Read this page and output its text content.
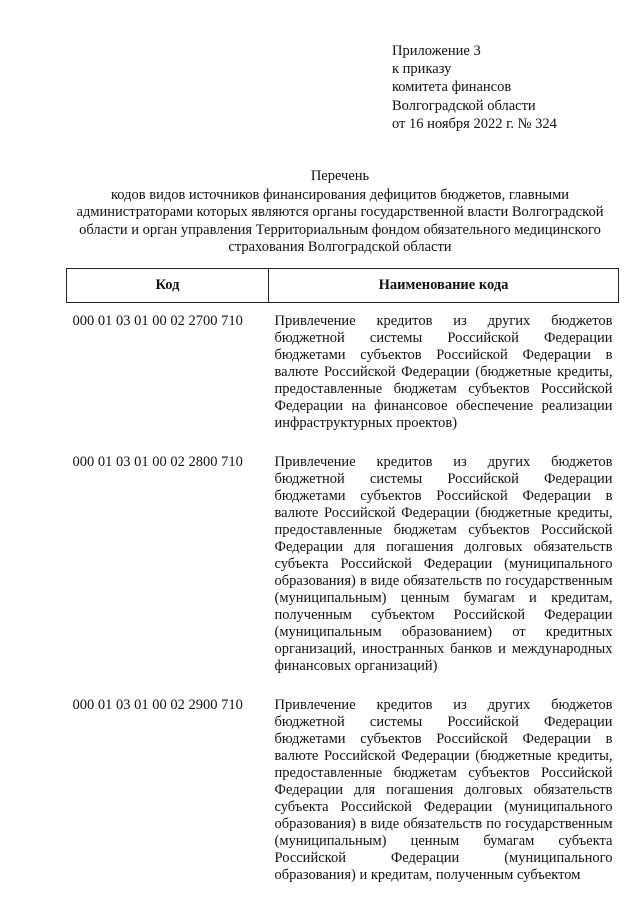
Приложение 3
к приказу
комитета финансов
Волгоградской области
от 16 ноября 2022 г. № 324
Перечень
кодов видов источников финансирования дефицитов бюджетов, главными администраторами которых являются органы государственной власти Волгоградской области и орган управления Территориальным фондом обязательного медицинского страхования Волгоградской области
Код	Наименование кода
000 01 03 01 00 02 2700 710	Привлечение кредитов из других бюджетов бюджетной системы Российской Федерации бюджетами субъектов Российской Федерации в валюте Российской Федерации (бюджетные кредиты, предоставленные бюджетам субъектов Российской Федерации на финансовое обеспечение реализации инфраструктурных проектов)
000 01 03 01 00 02 2800 710	Привлечение кредитов из других бюджетов бюджетной системы Российской Федерации бюджетами субъектов Российской Федерации в валюте Российской Федерации (бюджетные кредиты, предоставленные бюджетам субъектов Российской Федерации для погашения долговых обязательств субъекта Российской Федерации (муниципального образования) в виде обязательств по государственным (муниципальным) ценным бумагам и кредитам, полученным субъектом Российской Федерации (муниципальным образованием) от кредитных организаций, иностранных банков и международных финансовых организаций)
000 01 03 01 00 02 2900 710	Привлечение кредитов из других бюджетов бюджетной системы Российской Федерации бюджетами субъектов Российской Федерации в валюте Российской Федерации (бюджетные кредиты, предоставленные бюджетам субъектов Российской Федерации для погашения долговых обязательств субъекта Российской Федерации (муниципального образования) в виде обязательств по государственным (муниципальным) ценным бумагам субъекта Российской Федерации (муниципального образования) и кредитам, полученным субъектом
